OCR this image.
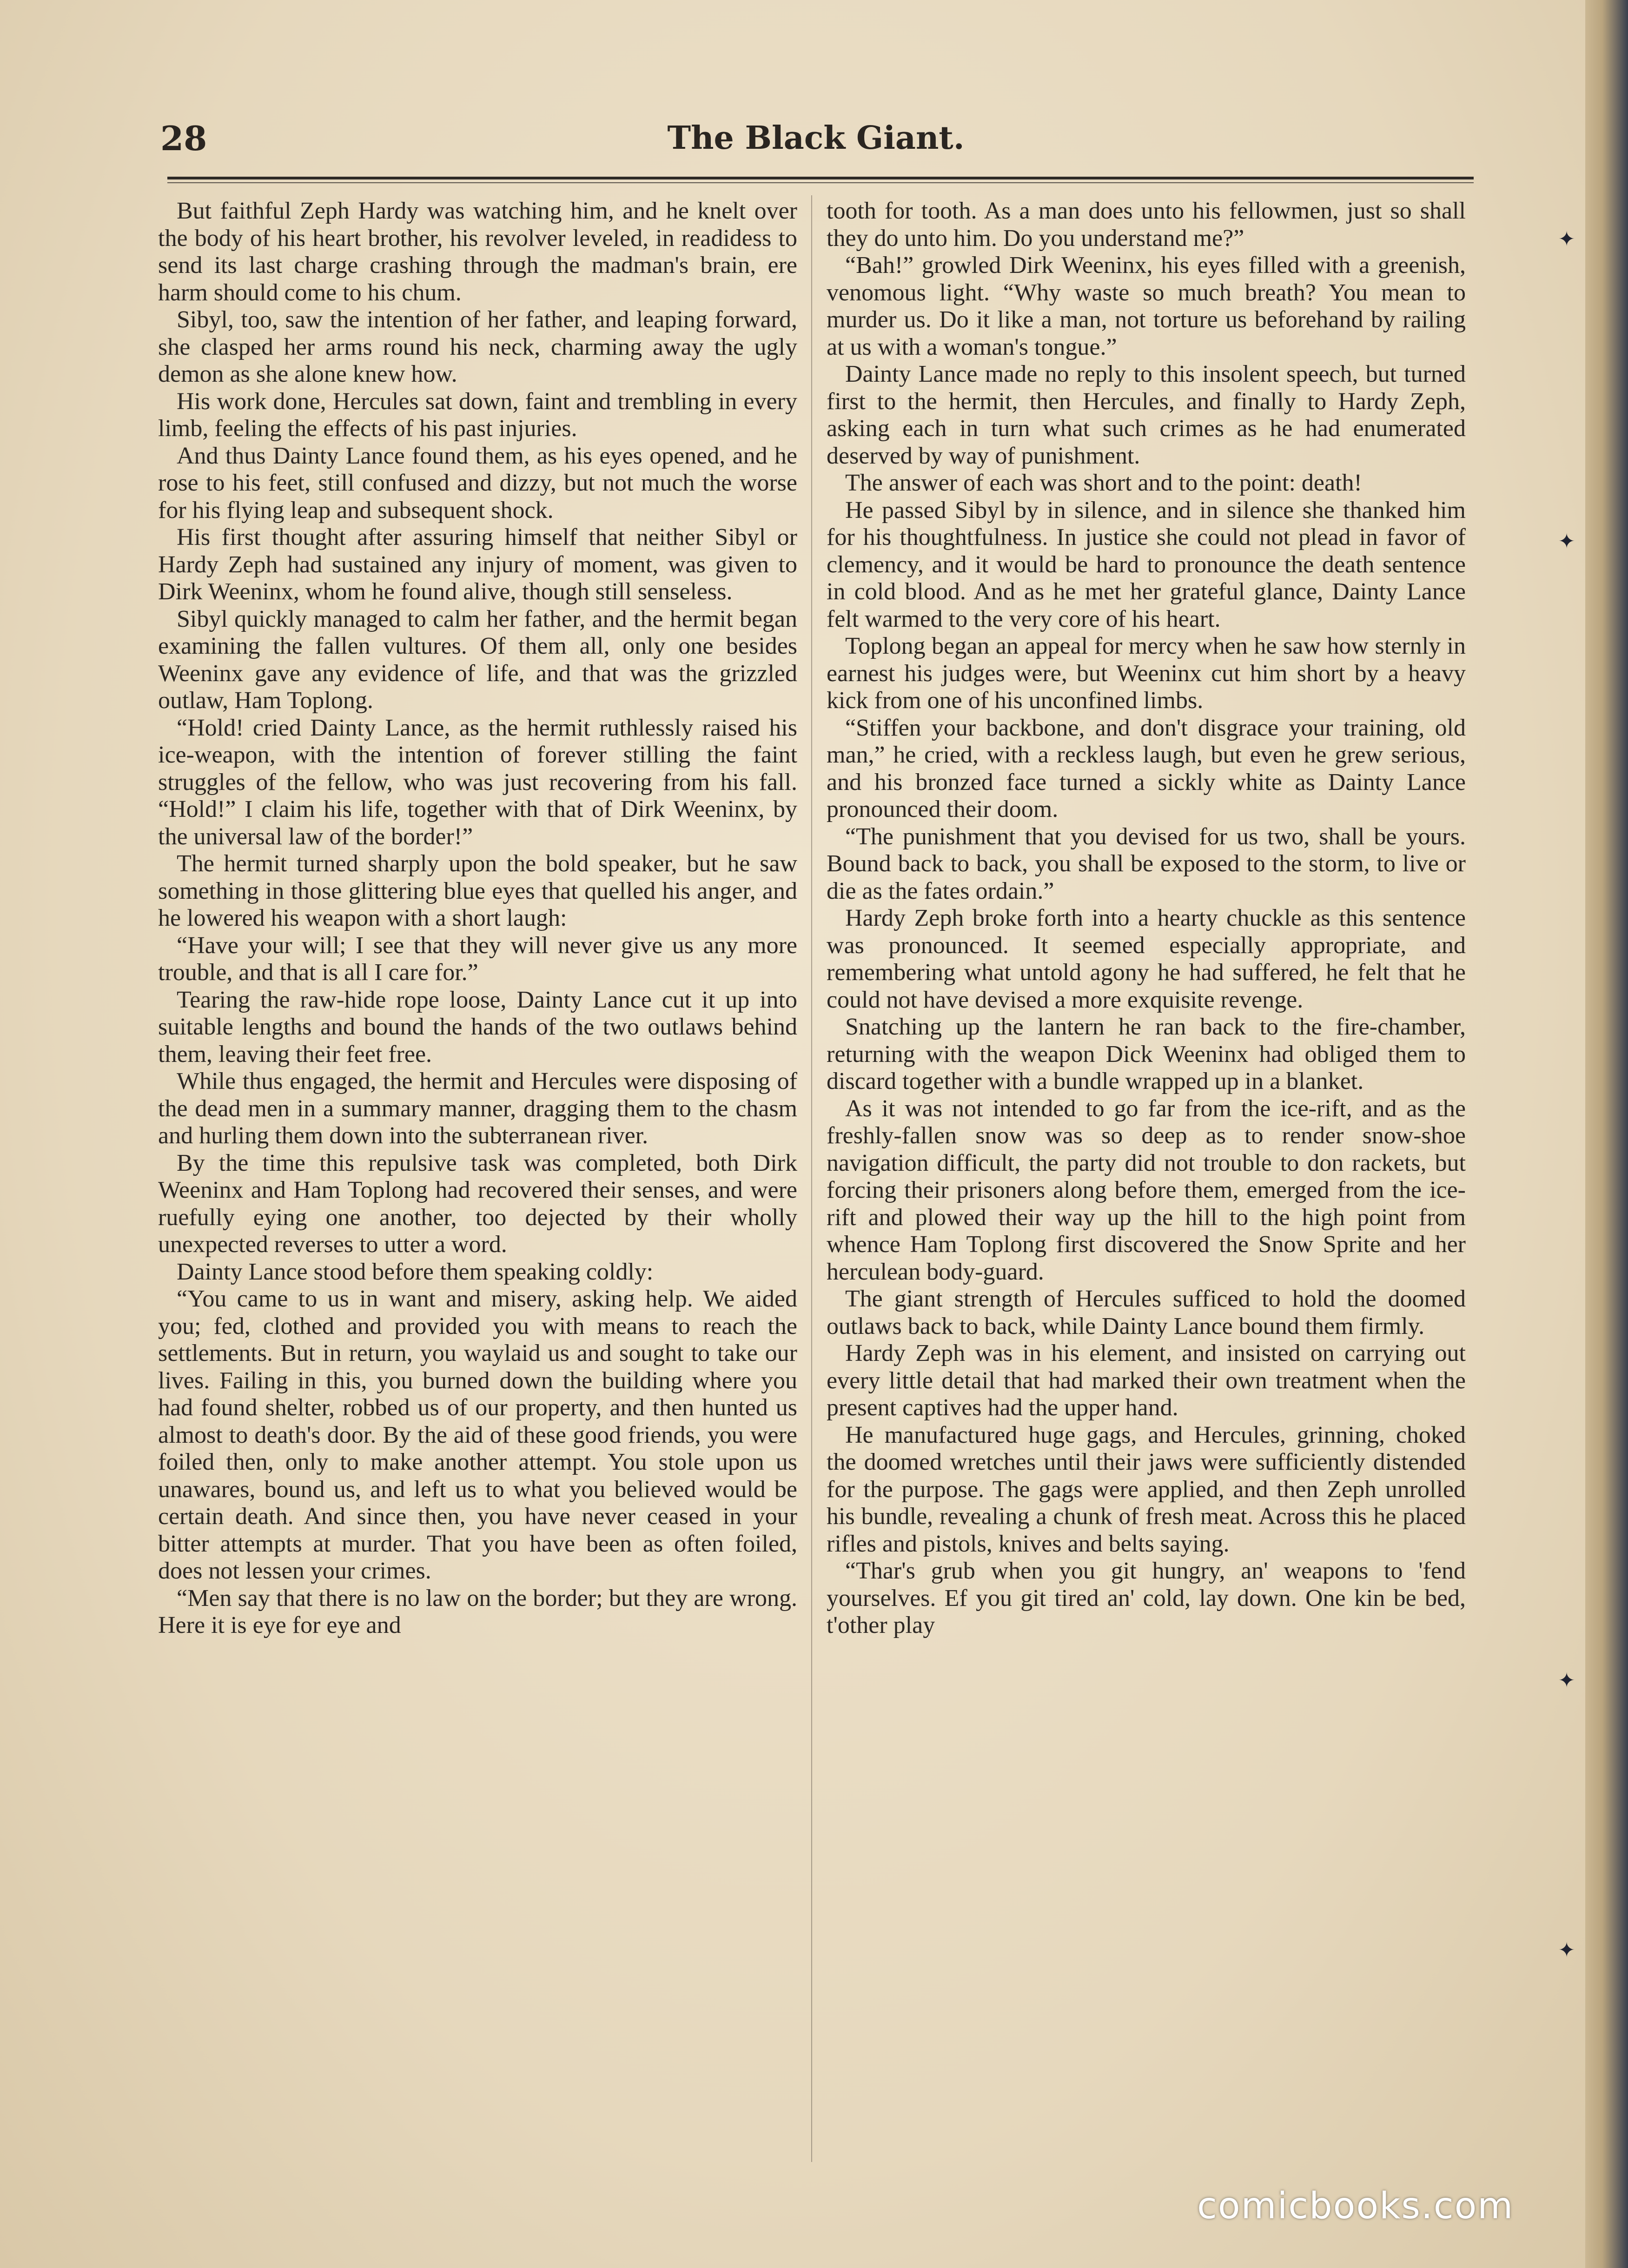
28	The Black Giant.

But faithful Zeph Hardy was watching him, and he knelt over the body of his heart brother, his revolver leveled, in readidess to send its last charge crashing through the madman's brain, ere harm should come to his chum.

Sibyl, too, saw the intention of her father, and leaping forward, she clasped her arms round his neck, charming away the ugly demon as she alone knew how.

His work done, Hercules sat down, faint and trembling in every limb, feeling the effects of his past injuries.

And thus Dainty Lance found them, as his eyes opened, and he rose to his feet, still confused and dizzy, but not much the worse for his flying leap and subsequent shock.

His first thought after assuring himself that neither Sibyl or Hardy Zeph had sustained any injury of moment, was given to Dirk Weeninx, whom he found alive, though still senseless.

Sibyl quickly managed to calm her father, and the hermit began examining the fallen vultures. Of them all, only one besides Weeninx gave any evidence of life, and that was the grizzled outlaw, Ham Toplong.

“Hold! cried Dainty Lance, as the hermit ruthlessly raised his ice-weapon, with the intention of forever stilling the faint struggles of the fellow, who was just recovering from his fall. “Hold!” I claim his life, together with that of Dirk Weeninx, by the universal law of the border!”

The hermit turned sharply upon the bold speaker, but he saw something in those glittering blue eyes that quelled his anger, and he lowered his weapon with a short laugh:

“Have your will; I see that they will never give us any more trouble, and that is all I care for.”

Tearing the raw-hide rope loose, Dainty Lance cut it up into suitable lengths and bound the hands of the two outlaws behind them, leaving their feet free.

While thus engaged, the hermit and Hercules were disposing of the dead men in a summary manner, dragging them to the chasm and hurling them down into the subterranean river.

By the time this repulsive task was completed, both Dirk Weeninx and Ham Toplong had recovered their senses, and were ruefully eying one another, too dejected by their wholly unexpected reverses to utter a word.

Dainty Lance stood before them speaking coldly:

“You came to us in want and misery, asking help. We aided you; fed, clothed and provided you with means to reach the settlements. But in return, you waylaid us and sought to take our lives. Failing in this, you burned down the building where you had found shelter, robbed us of our property, and then hunted us almost to death's door. By the aid of these good friends, you were foiled then, only to make another attempt. You stole upon us unawares, bound us, and left us to what you believed would be certain death. And since then, you have never ceased in your bitter attempts at murder. That you have been as often foiled, does not lessen your crimes.

“Men say that there is no law on the border; but they are wrong. Here it is eye for eye and

tooth for tooth. As a man does unto his fellowmen, just so shall they do unto him. Do you understand me?”

“Bah!” growled Dirk Weeninx, his eyes filled with a greenish, venomous light. “Why waste so much breath? You mean to murder us. Do it like a man, not torture us beforehand by railing at us with a woman's tongue.”

Dainty Lance made no reply to this insolent speech, but turned first to the hermit, then Hercules, and finally to Hardy Zeph, asking each in turn what such crimes as he had enumerated deserved by way of punishment.

The answer of each was short and to the point: death!

He passed Sibyl by in silence, and in silence she thanked him for his thoughtfulness. In justice she could not plead in favor of clemency, and it would be hard to pronounce the death sentence in cold blood. And as he met her grateful glance, Dainty Lance felt warmed to the very core of his heart.

Toplong began an appeal for mercy when he saw how sternly in earnest his judges were, but Weeninx cut him short by a heavy kick from one of his unconfined limbs.

“Stiffen your backbone, and don't disgrace your training, old man,” he cried, with a reckless laugh, but even he grew serious, and his bronzed face turned a sickly white as Dainty Lance pronounced their doom.

“The punishment that you devised for us two, shall be yours. Bound back to back, you shall be exposed to the storm, to live or die as the fates ordain.”

Hardy Zeph broke forth into a hearty chuckle as this sentence was pronounced. It seemed especially appropriate, and remembering what untold agony he had suffered, he felt that he could not have devised a more exquisite revenge.

Snatching up the lantern he ran back to the fire-chamber, returning with the weapon Dick Weeninx had obliged them to discard together with a bundle wrapped up in a blanket.

As it was not intended to go far from the ice-rift, and as the freshly-fallen snow was so deep as to render snow-shoe navigation difficult, the party did not trouble to don rackets, but forcing their prisoners along before them, emerged from the ice-rift and plowed their way up the hill to the high point from whence Ham Toplong first discovered the Snow Sprite and her herculean body-guard.

The giant strength of Hercules sufficed to hold the doomed outlaws back to back, while Dainty Lance bound them firmly.

Hardy Zeph was in his element, and insisted on carrying out every little detail that had marked their own treatment when the present captives had the upper hand.

He manufactured huge gags, and Hercules, grinning, choked the doomed wretches until their jaws were sufficiently distended for the purpose. The gags were applied, and then Zeph unrolled his bundle, revealing a chunk of fresh meat. Across this he placed rifles and pistols, knives and belts saying.

“Thar's grub when you git hungry, an' weapons to 'fend yourselves. Ef you git tired an' cold, lay down. One kin be bed, t'other play

✦
✦
✦
✦
comicbooks.com
